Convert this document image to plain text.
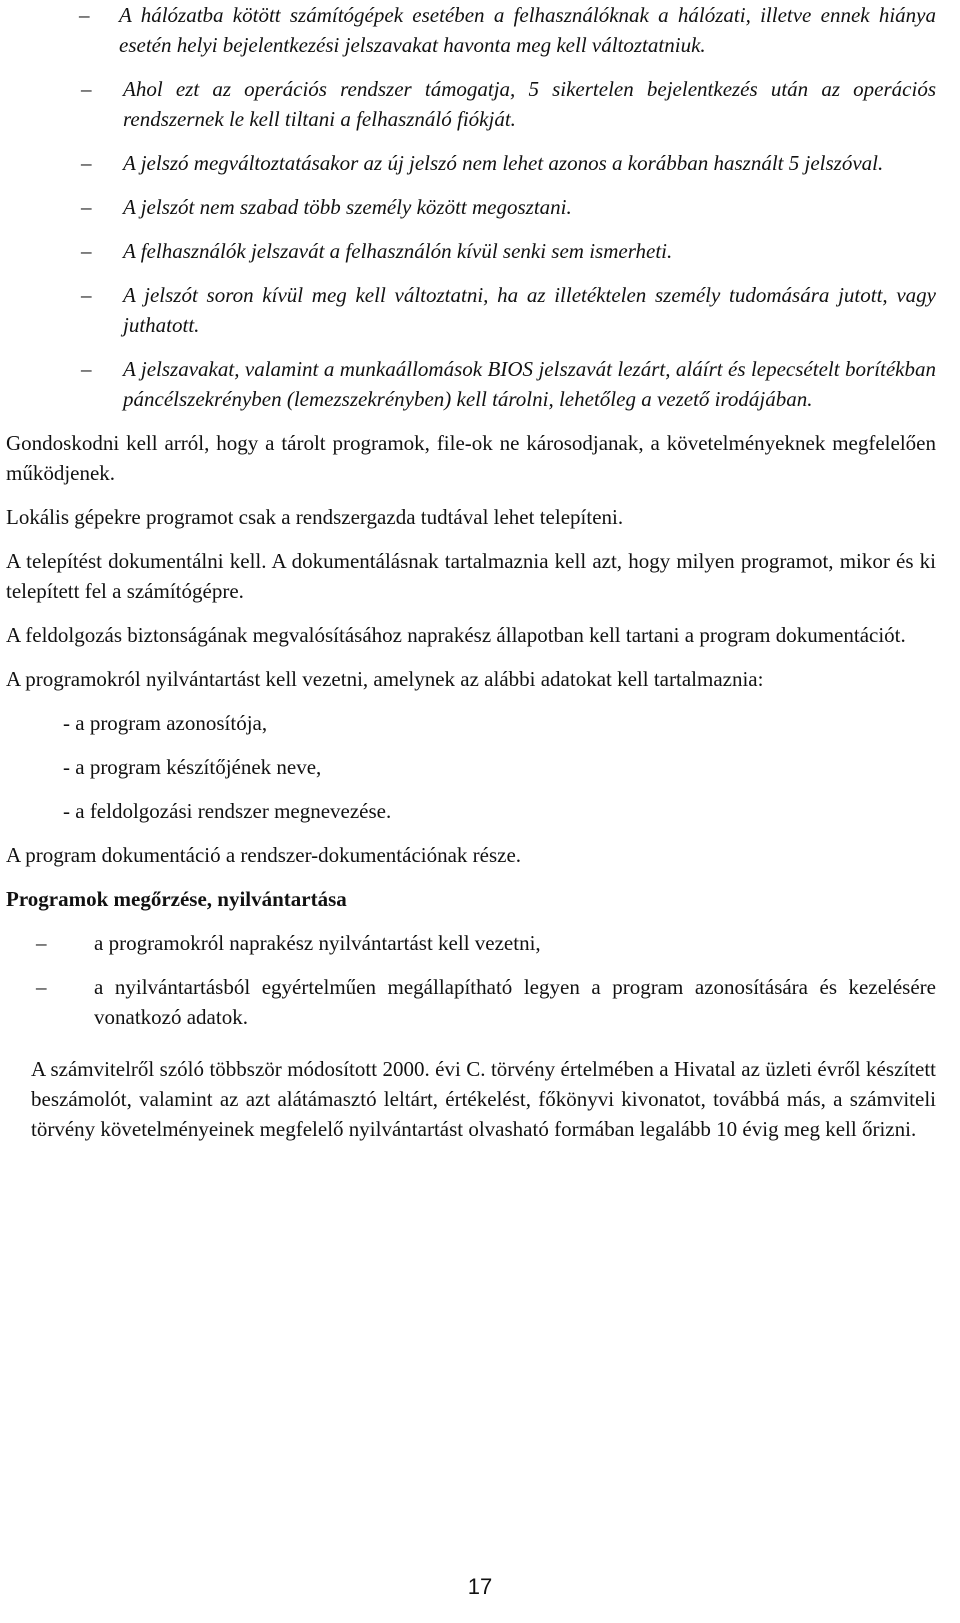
– A hálózatba kötött számítógépek esetében a felhasználóknak a hálózati, illetve ennek hiánya esetén helyi bejelentkezési jelszavakat havonta meg kell változtatniuk.
– Ahol ezt az operációs rendszer támogatja, 5 sikertelen bejelentkezés után az operációs rendszernek le kell tiltani a felhasználó fiókját.
– A jelszó megváltoztatásakor az új jelszó nem lehet azonos a korábban használt 5 jelszóval.
– A jelszót nem szabad több személy között megosztani.
– A felhasználók jelszavát a felhasználón kívül senki sem ismerheti.
– A jelszót soron kívül meg kell változtatni, ha az illetéktelen személy tudomására jutott, vagy juthatott.
– A jelszavakat, valamint a munkaállomások BIOS jelszavát lezárt, aláírt és lepecsételt borítékban páncélszekrényben (lemezszekrényben) kell tárolni, lehetőleg a vezető irodájában.

Gondoskodni kell arról, hogy a tárolt programok, file-ok ne károsodjanak, a követelményeknek megfelelően működjenek.

Lokális gépekre programot csak a rendszergazda tudtával lehet telepíteni.

A telepítést dokumentálni kell. A dokumentálásnak tartalmaznia kell azt, hogy milyen programot, mikor és ki telepített fel a számítógépre.

A feldolgozás biztonságának megvalósításához naprakész állapotban kell tartani a program dokumentációt.

A programokról nyilvántartást kell vezetni, amelynek az alábbi adatokat kell tartalmaznia:

- a program azonosítója,
- a program készítőjének neve,
- a feldolgozási rendszer megnevezése.

A program dokumentáció a rendszer-dokumentációnak része.

Programok megőrzése, nyilvántartása
– a programokról naprakész nyilvántartást kell vezetni,
– a nyilvántartásból egyértelműen megállapítható legyen a program azonosítására és kezelésére vonatkozó adatok.

A számvitelről szóló többször módosított 2000. évi C. törvény értelmében a Hivatal az üzleti évről készített beszámolót, valamint az azt alátámasztó leltárt, értékelést, főkönyvi kivonatot, továbbá más, a számviteli törvény követelményeinek megfelelő nyilvántartást olvasható formában legalább 10 évig meg kell őrizni.

17
